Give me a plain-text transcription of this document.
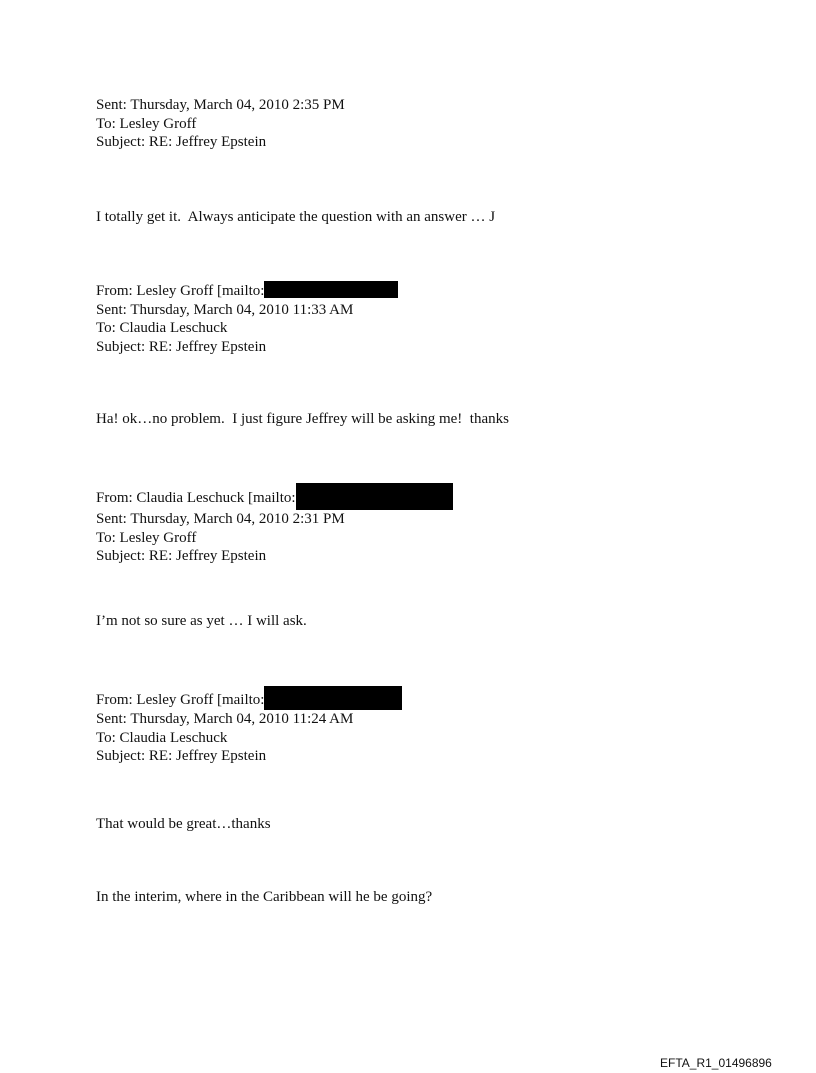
Sent: Thursday, March 04, 2010 2:35 PM
To: Lesley Groff
Subject: RE: Jeffrey Epstein
I totally get it.  Always anticipate the question with an answer … J
From: Lesley Groff [mailto:
Sent: Thursday, March 04, 2010 11:33 AM
To: Claudia Leschuck
Subject: RE: Jeffrey Epstein
Ha! ok…no problem.  I just figure Jeffrey will be asking me!  thanks
From: Claudia Leschuck [mailto:
Sent: Thursday, March 04, 2010 2:31 PM
To: Lesley Groff
Subject: RE: Jeffrey Epstein
I’m not so sure as yet … I will ask.
From: Lesley Groff [mailto:
Sent: Thursday, March 04, 2010 11:24 AM
To: Claudia Leschuck
Subject: RE: Jeffrey Epstein
That would be great…thanks
In the interim, where in the Caribbean will he be going?
EFTA_R1_01496896
